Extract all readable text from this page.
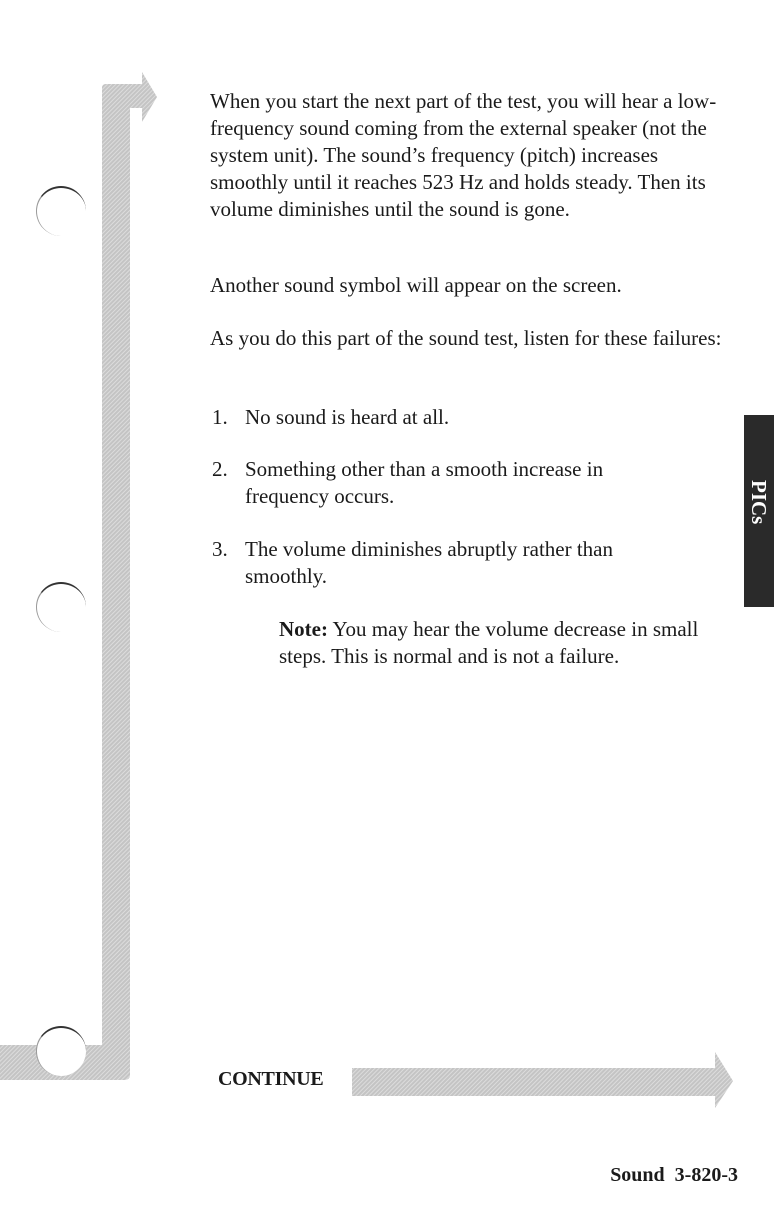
When you start the next part of the test, you will hear a low-frequency sound coming from the external speaker (not the system unit). The sound’s frequency (pitch) increases smoothly until it reaches 523 Hz and holds steady. Then its volume diminishes until the sound is gone.

Another sound symbol will appear on the screen.

As you do this part of the sound test, listen for these failures:

1. No sound is heard at all.
2. Something other than a smooth increase in frequency occurs.
3. The volume diminishes abruptly rather than smoothly.
Note: You may hear the volume decrease in small steps. This is normal and is not a failure.
PICs
CONTINUE
Sound  3-820-3
